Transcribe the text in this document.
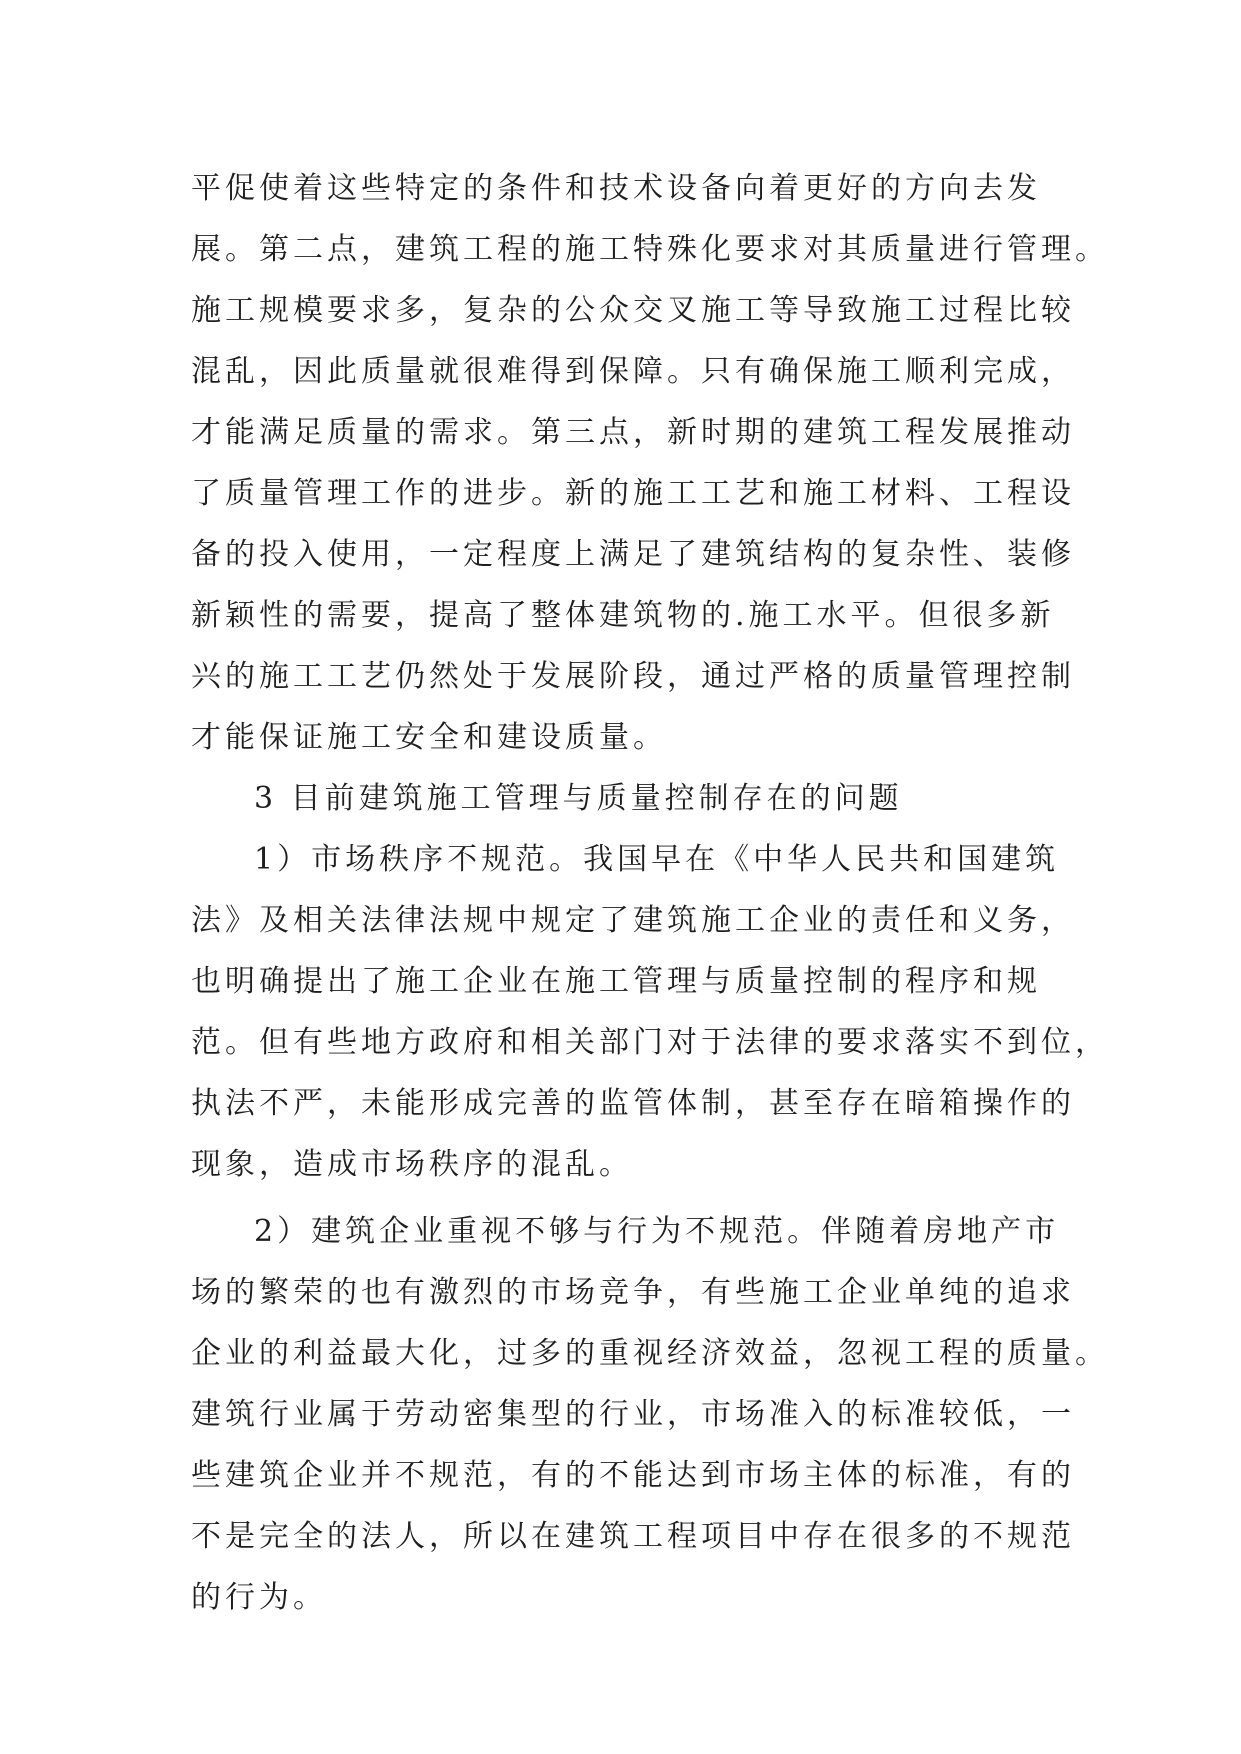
平促使着这些特定的条件和技术设备向着更好的方向去发
展。第二点，建筑工程的施工特殊化要求对其质量进行管理。
施工规模要求多，复杂的公众交叉施工等导致施工过程比较
混乱，因此质量就很难得到保障。只有确保施工顺利完成，
才能满足质量的需求。第三点，新时期的建筑工程发展推动
了质量管理工作的进步。新的施工工艺和施工材料、工程设
备的投入使用，一定程度上满足了建筑结构的复杂性、装修
新颖性的需要，提高了整体建筑物的.施工水平。但很多新
兴的施工工艺仍然处于发展阶段，通过严格的质量管理控制
才能保证施工安全和建设质量。
3 目前建筑施工管理与质量控制存在的问题
1）市场秩序不规范。我国早在《中华人民共和国建筑
法》及相关法律法规中规定了建筑施工企业的责任和义务，
也明确提出了施工企业在施工管理与质量控制的程序和规
范。但有些地方政府和相关部门对于法律的要求落实不到位，
执法不严，未能形成完善的监管体制，甚至存在暗箱操作的
现象，造成市场秩序的混乱。
2）建筑企业重视不够与行为不规范。伴随着房地产市
场的繁荣的也有激烈的市场竞争，有些施工企业单纯的追求
企业的利益最大化，过多的重视经济效益，忽视工程的质量。
建筑行业属于劳动密集型的行业，市场准入的标准较低，一
些建筑企业并不规范，有的不能达到市场主体的标准，有的
不是完全的法人，所以在建筑工程项目中存在很多的不规范
的行为。
